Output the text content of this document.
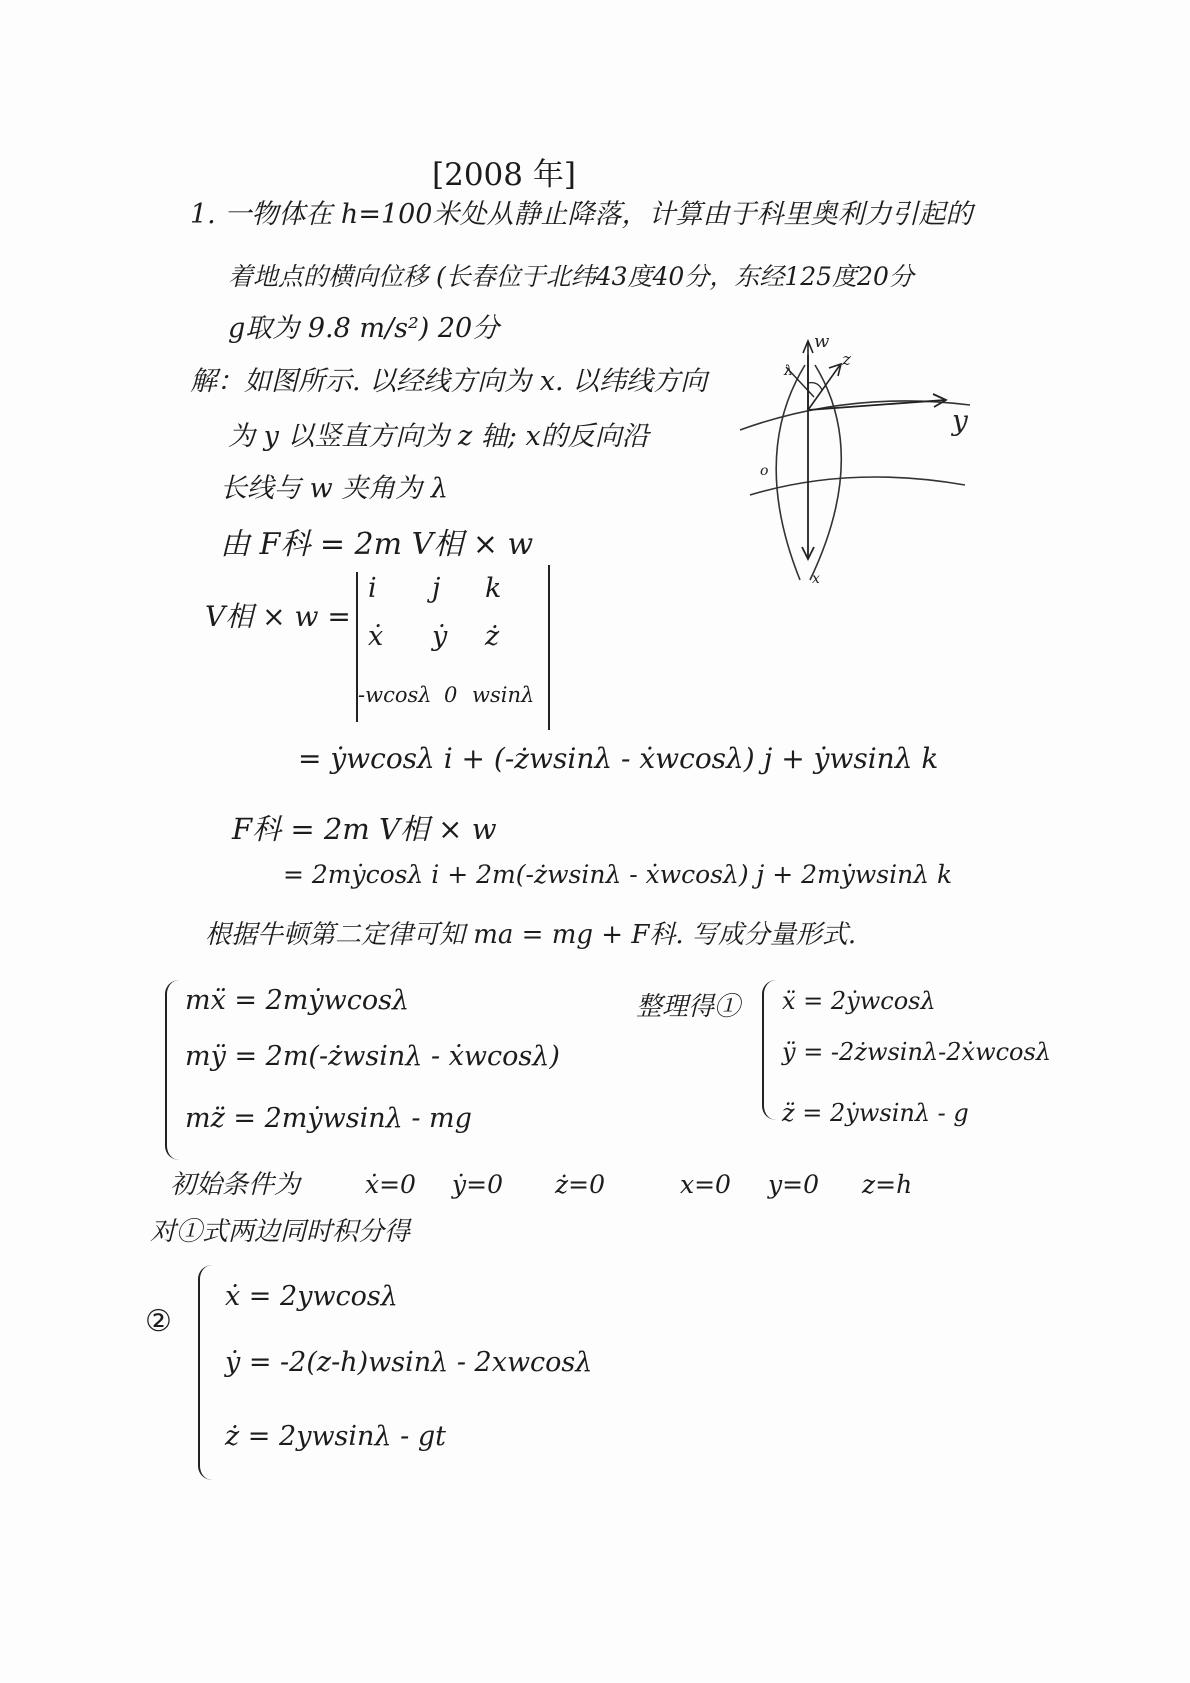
[2008 年]
1. 一物体在 h=100米处从静止降落，计算由于科里奥利力引起的
着地点的横向位移 (长春位于北纬43度40分，东经125度20分
g取为 9.8 m/s²) 20分
解：如图所示. 以经线方向为 x. 以纬线方向
为 y 以竖直方向为 z 轴; x的反向沿
长线与 w 夹角为 λ
由 F科 = 2m V相 × w
V相 × w =
i j k
ẋ ẏ ż
-wcosλ 0 wsinλ
= ẏwcosλ i + (-żwsinλ - ẋwcosλ) j + ẏwsinλ k
F科 = 2m V相 × w
= 2mẏcosλ i + 2m(-żwsinλ - ẋwcosλ) j + 2mẏwsinλ k
根据牛顿第二定律可知 ma = mg + F科. 写成分量形式.
mẍ = 2mẏwcosλ
mÿ = 2m(-żwsinλ - ẋwcosλ)
mz̈ = 2mẏwsinλ - mg
整理得① ẍ = 2ẏwcosλ
ÿ = -2żwsinλ-2ẋwcosλ
z̈ = 2ẏwsinλ - g
初始条件为	ẋ=0 ẏ=0 ż=0	x=0 y=0 z=h
对①式两边同时积分得
②
ẋ = 2ywcosλ
ẏ = -2(z-h)wsinλ - 2xwcosλ
ż = 2ywsinλ - gt
w
λ
z
y
x
o
